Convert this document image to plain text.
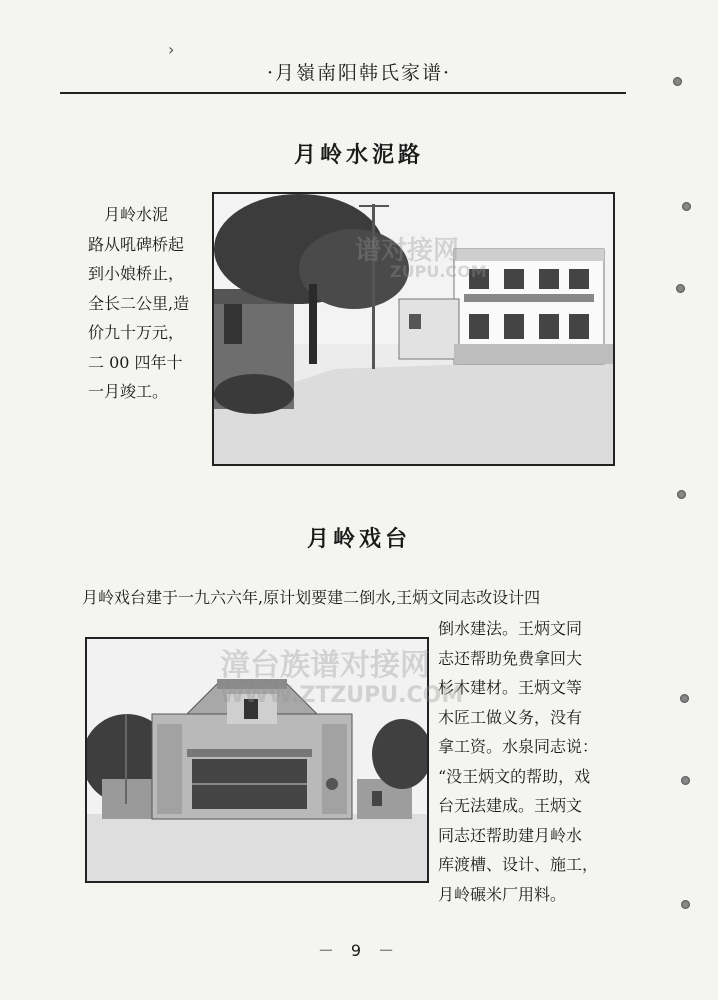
·月嶺南阳韩氏家谱·
›
月岭水泥路
月岭水泥
路从吼碑桥起
到小娘桥止，
全长二公里,造
价九十万元，
二 00 四年十
一月竣工。
谱对接网
ZUPU.COM
月岭戏台
月岭戏台建于一九六六年,原计划要建二倒水,王炳文同志改设计四
倒水建法。王炳文同
志还帮助免费拿回大
杉木建材。王炳文等
木匠工做义务，没有
拿工资。水泉同志说：
“没王炳文的帮助，戏
台无法建成。王炳文
同志还帮助建月岭水
库渡槽、设计、施工，
月岭碾米厂用料。
漳台族谱对接网
WWW.ZTZUPU.COM
－ 9 －
